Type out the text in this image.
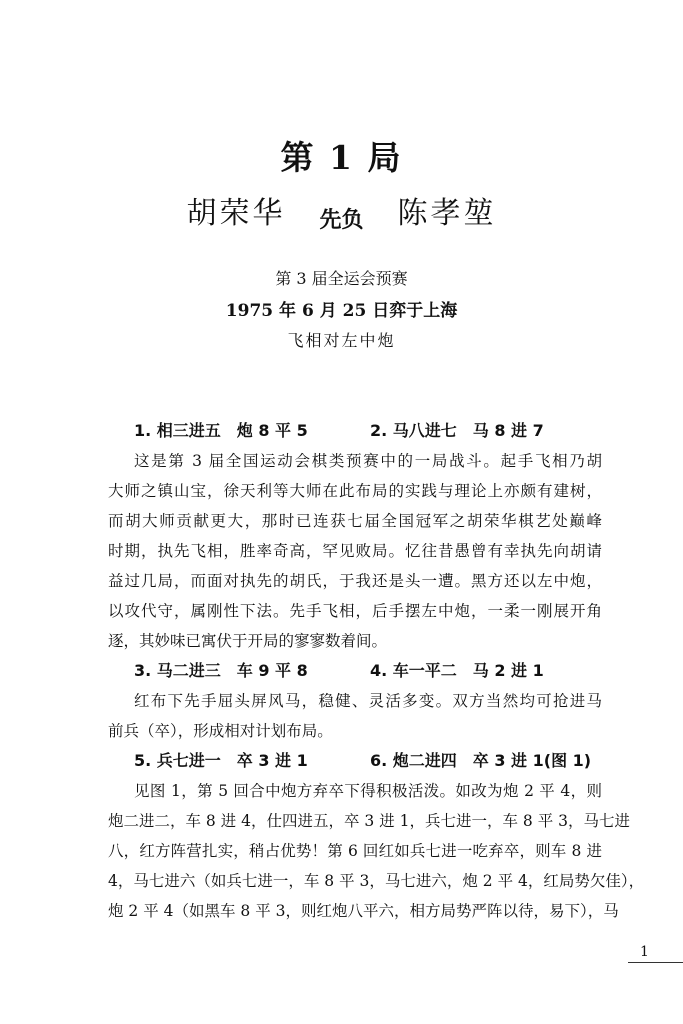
第 1 局
胡荣华 先负 陈孝堃
第 3 届全运会预赛
1975 年 6 月 25 日弈于上海
飞相对左中炮
1. 相三进五　炮 8 平 5	2. 马八进七　马 8 进 7

这是第 3 届全国运动会棋类预赛中的一局战斗。起手飞相乃胡
大师之镇山宝，徐天利等大师在此布局的实践与理论上亦颇有建树，
而胡大师贡献更大，那时已连获七届全国冠军之胡荣华棋艺处巅峰
时期，执先飞相，胜率奇高，罕见败局。忆往昔愚曾有幸执先向胡请
益过几局，而面对执先的胡氏，于我还是头一遭。黑方还以左中炮，
以攻代守，属刚性下法。先手飞相，后手摆左中炮，一柔一刚展开角
逐，其妙味已寓伏于开局的寥寥数着间。

3. 马二进三　车 9 平 8	4. 车一平二　马 2 进 1

红布下先手屈头屏风马，稳健、灵活多变。双方当然均可抢进马
前兵（卒），形成相对计划布局。

5. 兵七进一　卒 3 进 1	6. 炮二进四　卒 3 进 1(图 1)

见图 1，第 5 回合中炮方弃卒下得积极活泼。如改为炮 2 平 4，则
炮二进二，车 8 进 4，仕四进五，卒 3 进 1，兵七进一，车 8 平 3，马七进
八，红方阵营扎实，稍占优势！第 6 回红如兵七进一吃弃卒，则车 8 进
4，马七进六（如兵七进一，车 8 平 3，马七进六，炮 2 平 4，红局势欠佳），
炮 2 平 4（如黑车 8 平 3，则红炮八平六，相方局势严阵以待，易下），马

1
